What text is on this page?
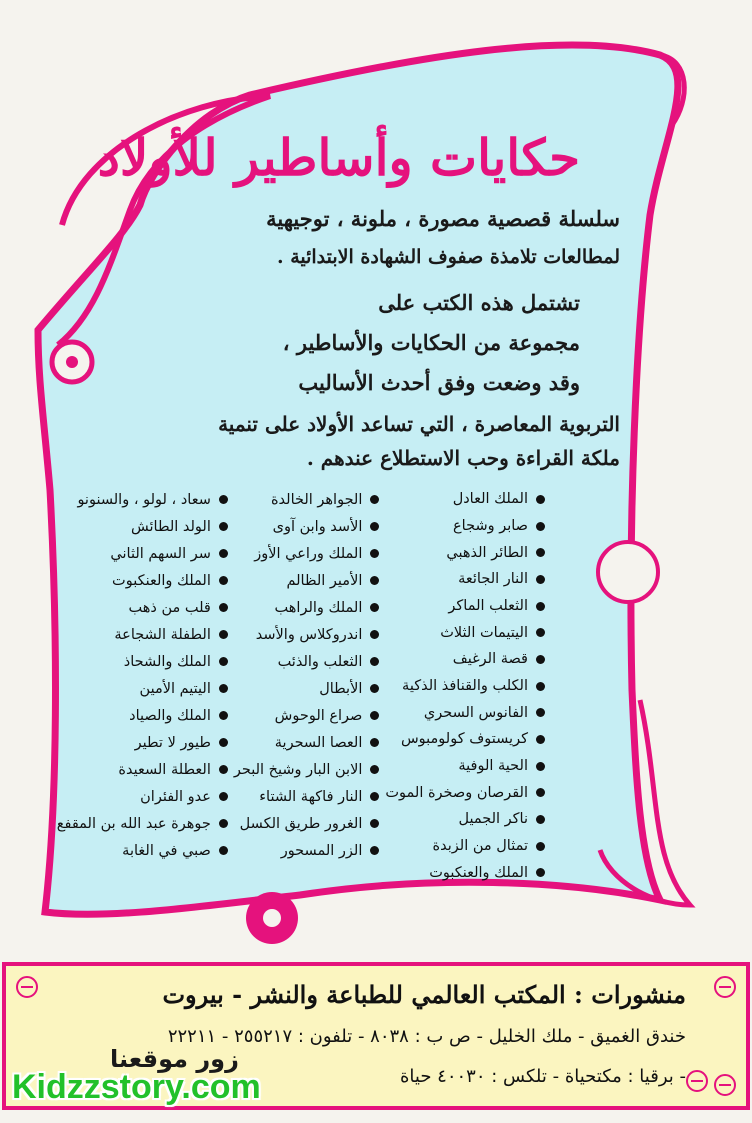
حكايات وأساطير للأولاد
سلسلة قصصية مصورة ، ملونة ، توجيهية
لمطالعات تلامذة صفوف الشهادة الابتدائية .
تشتمل هذه الكتب على
مجموعة من الحكايات والأساطير ،
وقد وضعت وفق أحدث الأساليب
التربوية المعاصرة ، التي تساعد الأولاد على تنمية
ملكة القراءة وحب الاستطلاع عندهم .
الملك العادل
صابر وشجاع
الطائر الذهبي
النار الجائعة
الثعلب الماكر
اليتيمات الثلاث
قصة الرغيف
الكلب والقنافذ الذكية
الفانوس السحري
كريستوف كولومبوس
الحية الوفية
القرصان وصخرة الموت
ناكر الجميل
تمثال من الزبدة
الملك والعنكبوت
الجواهر الخالدة
الأسد وابن آوى
الملك وراعي الأوز
الأمير الظالم
الملك والراهب
اندروكلاس والأسد
الثعلب والذئب
الأبطال
صراع الوحوش
العصا السحرية
الابن البار وشيخ البحر
النار فاكهة الشتاء
الغرور طريق الكسل
الزر المسحور
سعاد ، لولو ، والسنونو
الولد الطائش
سر السهم الثاني
الملك والعنكبوت
قلب من ذهب
الطفلة الشجاعة
الملك والشحاذ
اليتيم الأمين
الملك والصياد
طيور لا تطير
العطلة السعيدة
عدو الفئران
جوهرة عبد الله بن المقفع
صبي في الغابة
منشورات : المكتب العالمي للطباعة والنشر - بيروت
خندق الغميق - ملك الخليل - ص ب : ٨٠٣٨ - تلفون : ٢٥٥٢١٧ - ٢٢٢١١
- برقيا : مكتحياة - تلكس : ٤٠٠٣٠ حياة
زور موقعنا
Kidzzstory.com
